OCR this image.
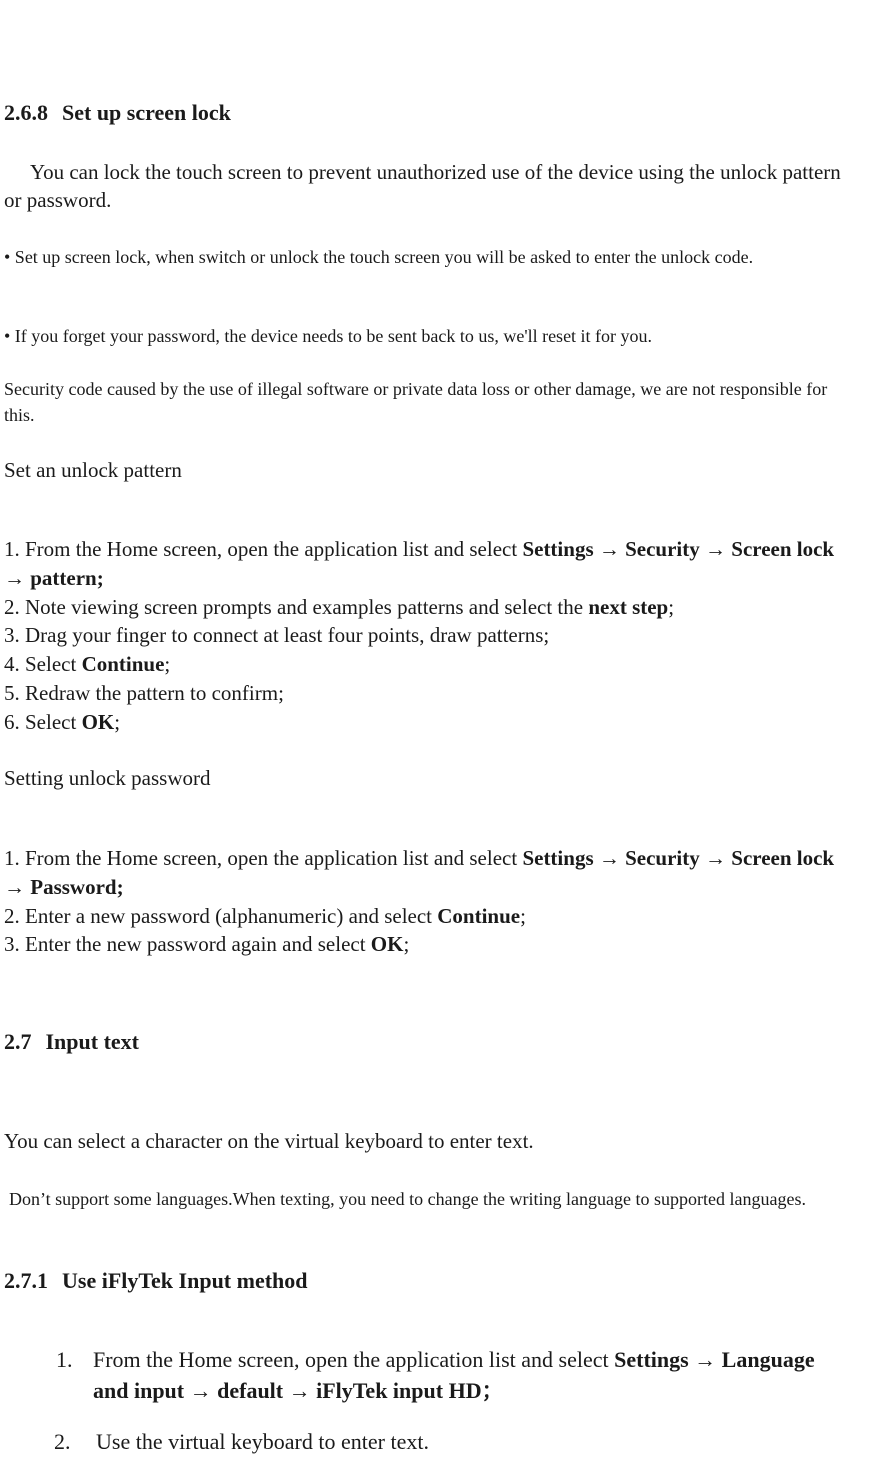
2.6.8 Set up screen lock

You can lock the touch screen to prevent unauthorized use of the device using the unlock pattern or password.

• Set up screen lock, when switch or unlock the touch screen you will be asked to enter the unlock code.

• If you forget your password, the device needs to be sent back to us, we'll reset it for you.

Security code caused by the use of illegal software or private data loss or other damage, we are not responsible for this.

Set an unlock pattern

1. From the Home screen, open the application list and select Settings → Security → Screen lock → pattern;
2. Note viewing screen prompts and examples patterns and select the next step;
3. Drag your finger to connect at least four points, draw patterns;
4. Select Continue;
5. Redraw the pattern to confirm;
6. Select OK;

Setting unlock password

1. From the Home screen, open the application list and select Settings → Security → Screen lock → Password;
2. Enter a new password (alphanumeric) and select Continue;
3. Enter the new password again and select OK;
2.7 Input text

You can select a character on the virtual keyboard to enter text.

Don’t support some languages.When texting, you need to change the writing language to supported languages.

2.7.1 Use iFlyTek Input method
1. From the Home screen, open the application list and select Settings → Language and input → default → iFlyTek input HD；
2. Use the virtual keyboard to enter text.
